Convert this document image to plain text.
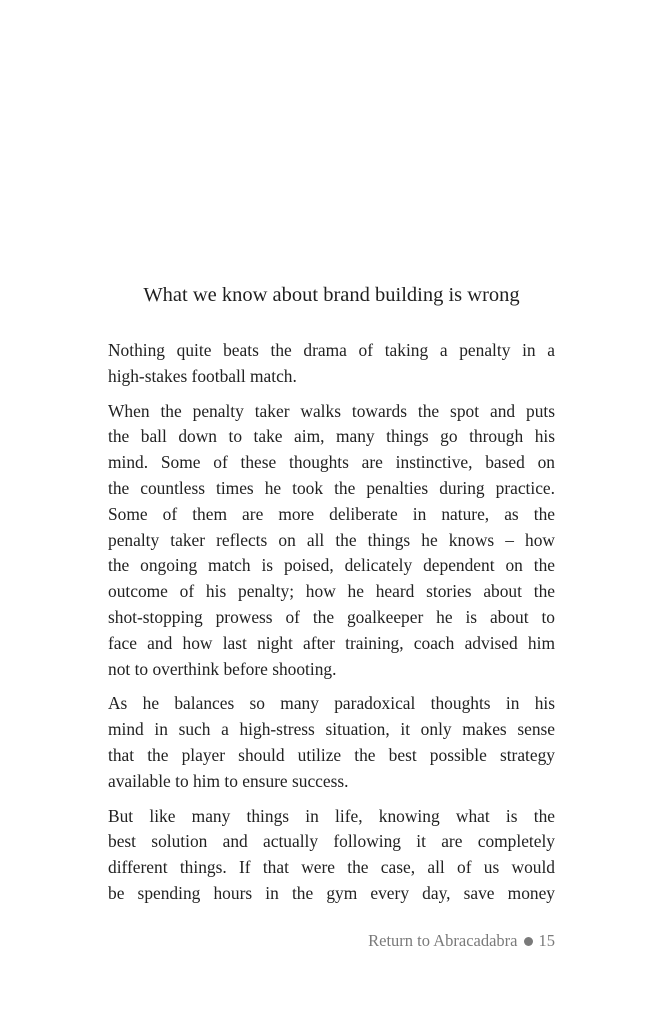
What we know about brand building is wrong

Nothing quite beats the drama of taking a penalty in a
high-stakes football match.

When the penalty taker walks towards the spot and puts
the ball down to take aim, many things go through his
mind. Some of these thoughts are instinctive, based on
the countless times he took the penalties during practice.
Some of them are more deliberate in nature, as the
penalty taker reflects on all the things he knows – how
the ongoing match is poised, delicately dependent on the
outcome of his penalty; how he heard stories about the
shot-stopping prowess of the goalkeeper he is about to
face and how last night after training, coach advised him
not to overthink before shooting.

As he balances so many paradoxical thoughts in his
mind in such a high-stress situation, it only makes sense
that the player should utilize the best possible strategy
available to him to ensure success.

But like many things in life, knowing what is the
best solution and actually following it are completely
different things. If that were the case, all of us would
be spending hours in the gym every day, save money

Return to Abracadabra 15
